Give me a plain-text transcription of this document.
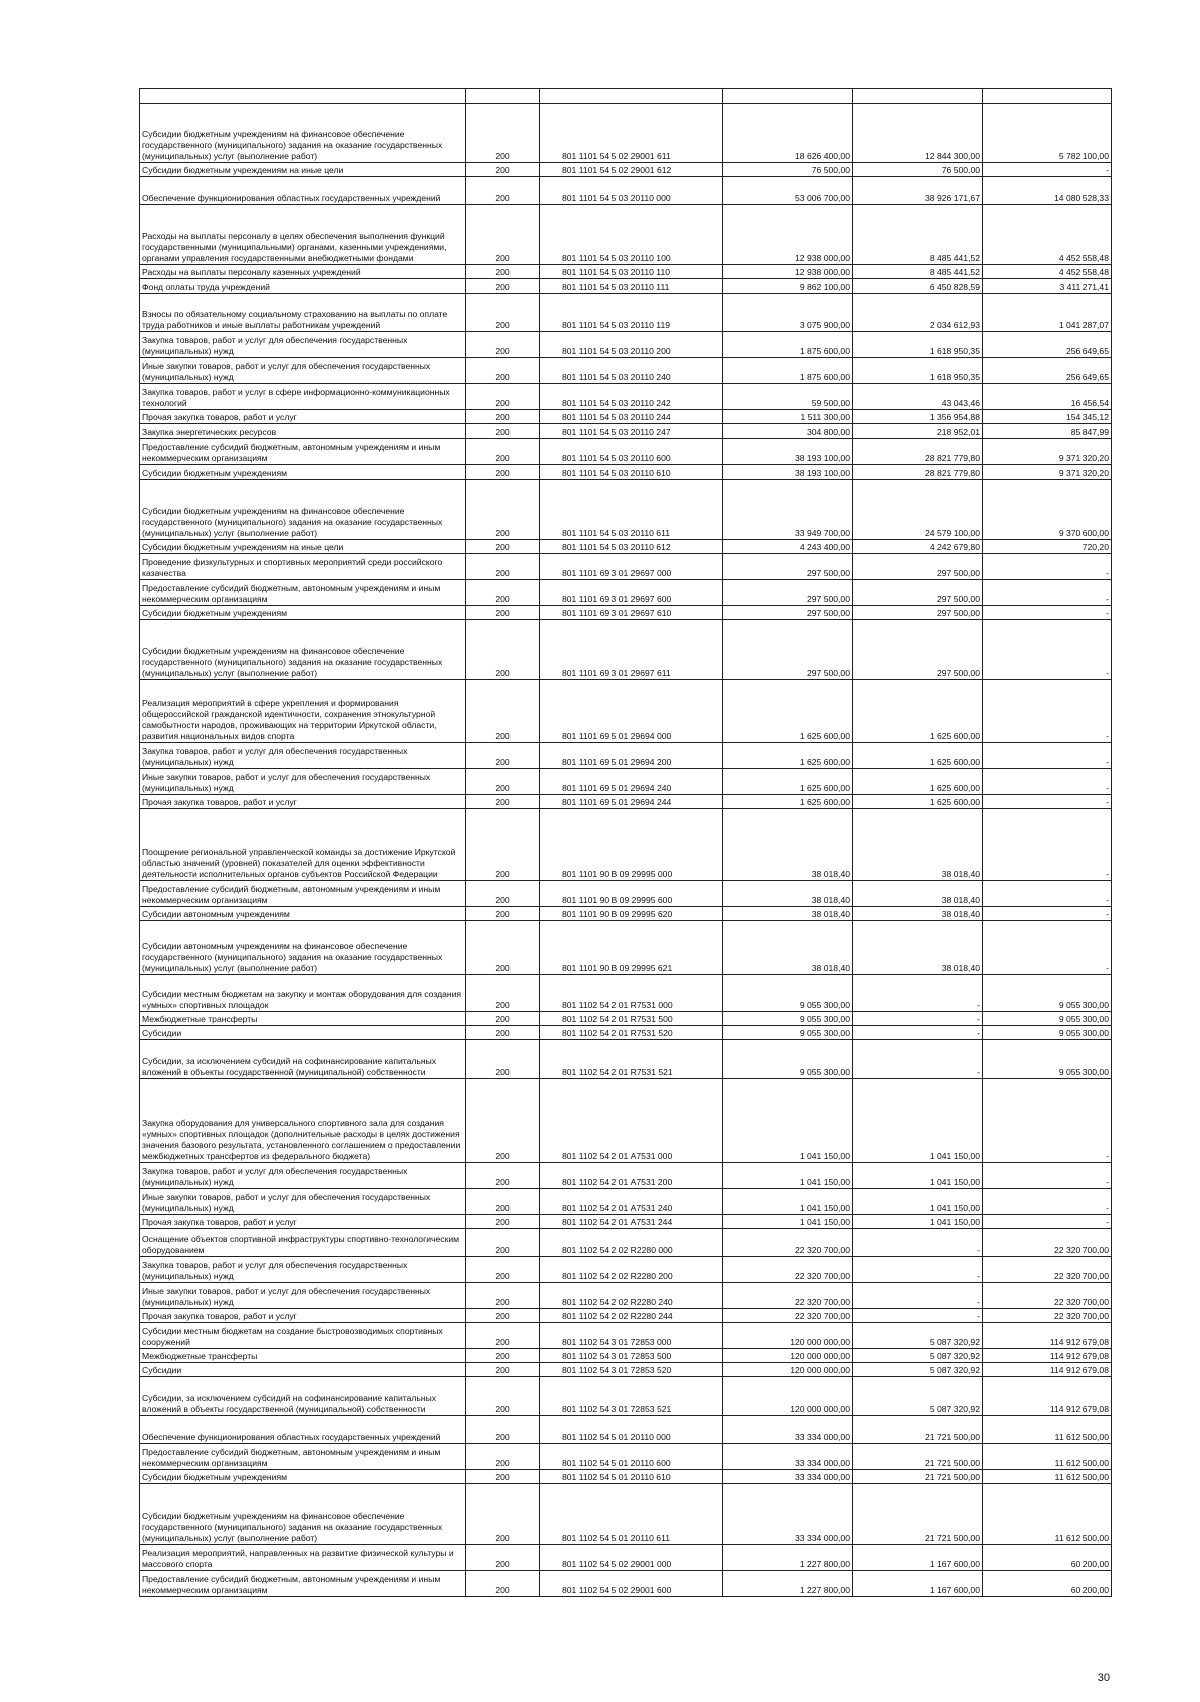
Субсидии бюджетным учреждениям на финансовое обеспечение государственного (муниципального) задания на оказание государственных (муниципальных) услуг (выполнение работ)	200	801 1101 54 5 02 29001 611	18 626 400,00	12 844 300,00	5 782 100,00
Субсидии бюджетным учреждениям на иные цели	200	801 1101 54 5 02 29001 612	76 500,00	76 500,00	-
Обеспечение функционирования областных государственных учреждений	200	801 1101 54 5 03 20110 000	53 006 700,00	38 926 171,67	14 080 528,33
Расходы на выплаты персоналу в целях обеспечения выполнения функций государственными (муниципальными) органами, казенными учреждениями, органами управления государственными внебюджетными фондами	200	801 1101 54 5 03 20110 100	12 938 000,00	8 485 441,52	4 452 558,48
Расходы на выплаты персоналу казенных учреждений	200	801 1101 54 5 03 20110 110	12 938 000,00	8 485 441,52	4 452 558,48
Фонд оплаты труда учреждений	200	801 1101 54 5 03 20110 111	9 862 100,00	6 450 828,59	3 411 271,41
Взносы по обязательному социальному страхованию на выплаты по оплате труда работников и иные выплаты работникам учреждений	200	801 1101 54 5 03 20110 119	3 075 900,00	2 034 612,93	1 041 287,07
Закупка товаров, работ и услуг для обеспечения государственных (муниципальных) нужд	200	801 1101 54 5 03 20110 200	1 875 600,00	1 618 950,35	256 649,65
Иные закупки товаров, работ и услуг для обеспечения государственных (муниципальных) нужд	200	801 1101 54 5 03 20110 240	1 875 600,00	1 618 950,35	256 649,65
Закупка товаров, работ и услуг в сфере информационно-коммуникационных технологий	200	801 1101 54 5 03 20110 242	59 500,00	43 043,46	16 456,54
Прочая закупка товаров, работ и услуг	200	801 1101 54 5 03 20110 244	1 511 300,00	1 356 954,88	154 345,12
Закупка энергетических ресурсов	200	801 1101 54 5 03 20110 247	304 800,00	218 952,01	85 847,99
Предоставление субсидий бюджетным, автономным учреждениям и иным некоммерческим организациям	200	801 1101 54 5 03 20110 600	38 193 100,00	28 821 779,80	9 371 320,20
Субсидии бюджетным учреждениям	200	801 1101 54 5 03 20110 610	38 193 100,00	28 821 779,80	9 371 320,20
Субсидии бюджетным учреждениям на финансовое обеспечение государственного (муниципального) задания на оказание государственных (муниципальных) услуг (выполнение работ)	200	801 1101 54 5 03 20110 611	33 949 700,00	24 579 100,00	9 370 600,00
Субсидии бюджетным учреждениям на иные цели	200	801 1101 54 5 03 20110 612	4 243 400,00	4 242 679,80	720,20
Проведение физкультурных и спортивных мероприятий среди российского казачества	200	801 1101 69 3 01 29697 000	297 500,00	297 500,00	-
Предоставление субсидий бюджетным, автономным учреждениям и иным некоммерческим организациям	200	801 1101 69 3 01 29697 600	297 500,00	297 500,00	-
Субсидии бюджетным учреждениям	200	801 1101 69 3 01 29697 610	297 500,00	297 500,00	-
Субсидии бюджетным учреждениям на финансовое обеспечение государственного (муниципального) задания на оказание государственных (муниципальных) услуг (выполнение работ)	200	801 1101 69 3 01 29697 611	297 500,00	297 500,00	-
Реализация мероприятий в сфере укрепления и формирования общероссийской гражданской идентичности, сохранения этнокультурной самобытности народов, проживающих на территории Иркутской области, развития национальных видов спорта	200	801 1101 69 5 01 29694 000	1 625 600,00	1 625 600,00	-
Закупка товаров, работ и услуг для обеспечения государственных (муниципальных) нужд	200	801 1101 69 5 01 29694 200	1 625 600,00	1 625 600,00	-
Иные закупки товаров, работ и услуг для обеспечения государственных (муниципальных) нужд	200	801 1101 69 5 01 29694 240	1 625 600,00	1 625 600,00	-
Прочая закупка товаров, работ и услуг	200	801 1101 69 5 01 29694 244	1 625 600,00	1 625 600,00	-
Поощрение региональной управленческой команды за достижение Иркутской областью значений (уровней) показателей для оценки эффективности деятельности исполнительных органов субъектов Российской Федерации	200	801 1101 90 В 09 29995 000	38 018,40	38 018,40	-
Предоставление субсидий бюджетным, автономным учреждениям и иным некоммерческим организациям	200	801 1101 90 В 09 29995 600	38 018,40	38 018,40	-
Субсидии автономным учреждениям	200	801 1101 90 В 09 29995 620	38 018,40	38 018,40	-
Субсидии автономным учреждениям на финансовое обеспечение государственного (муниципального) задания на оказание государственных (муниципальных) услуг (выполнение работ)	200	801 1101 90 В 09 29995 621	38 018,40	38 018,40	-
Субсидии местным бюджетам на закупку и монтаж оборудования для создания «умных» спортивных площадок	200	801 1102 54 2 01 R7531 000	9 055 300,00	-	9 055 300,00
Межбюджетные трансферты	200	801 1102 54 2 01 R7531 500	9 055 300,00	-	9 055 300,00
Субсидии	200	801 1102 54 2 01 R7531 520	9 055 300,00	-	9 055 300,00
Субсидии, за исключением субсидий на софинансирование капитальных вложений в объекты государственной (муниципальной) собственности	200	801 1102 54 2 01 R7531 521	9 055 300,00	-	9 055 300,00
Закупка оборудования для универсального спортивного зала для создания «умных» спортивных площадок (дополнительные расходы в целях достижения значения базового результата, установленного соглашением о предоставлении межбюджетных трансфертов из федерального бюджета)	200	801 1102 54 2 01 А7531 000	1 041 150,00	1 041 150,00	-
Закупка товаров, работ и услуг для обеспечения государственных (муниципальных) нужд	200	801 1102 54 2 01 А7531 200	1 041 150,00	1 041 150,00	-
Иные закупки товаров, работ и услуг для обеспечения государственных (муниципальных) нужд	200	801 1102 54 2 01 А7531 240	1 041 150,00	1 041 150,00	-
Прочая закупка товаров, работ и услуг	200	801 1102 54 2 01 А7531 244	1 041 150,00	1 041 150,00	-
Оснащение объектов спортивной инфраструктуры спортивно-технологическим оборудованием	200	801 1102 54 2 02 R2280 000	22 320 700,00	-	22 320 700,00
Закупка товаров, работ и услуг для обеспечения государственных (муниципальных) нужд	200	801 1102 54 2 02 R2280 200	22 320 700,00	-	22 320 700,00
Иные закупки товаров, работ и услуг для обеспечения государственных (муниципальных) нужд	200	801 1102 54 2 02 R2280 240	22 320 700,00	-	22 320 700,00
Прочая закупка товаров, работ и услуг	200	801 1102 54 2 02 R2280 244	22 320 700,00	-	22 320 700,00
Субсидии местным бюджетам на создание быстровозводимых спортивных сооружений	200	801 1102 54 3 01 72853 000	120 000 000,00	5 087 320,92	114 912 679,08
Межбюджетные трансферты	200	801 1102 54 3 01 72853 500	120 000 000,00	5 087 320,92	114 912 679,08
Субсидии	200	801 1102 54 3 01 72853 520	120 000 000,00	5 087 320,92	114 912 679,08
Субсидии, за исключением субсидий на софинансирование капитальных вложений в объекты государственной (муниципальной) собственности	200	801 1102 54 3 01 72853 521	120 000 000,00	5 087 320,92	114 912 679,08
Обеспечение функционирования областных государственных учреждений	200	801 1102 54 5 01 20110 000	33 334 000,00	21 721 500,00	11 612 500,00
Предоставление субсидий бюджетным, автономным учреждениям и иным некоммерческим организациям	200	801 1102 54 5 01 20110 600	33 334 000,00	21 721 500,00	11 612 500,00
Субсидии бюджетным учреждениям	200	801 1102 54 5 01 20110 610	33 334 000,00	21 721 500,00	11 612 500,00
Субсидии бюджетным учреждениям на финансовое обеспечение государственного (муниципального) задания на оказание государственных (муниципальных) услуг (выполнение работ)	200	801 1102 54 5 01 20110 611	33 334 000,00	21 721 500,00	11 612 500,00
Реализация мероприятий, направленных на развитие физической культуры и массового спорта	200	801 1102 54 5 02 29001 000	1 227 800,00	1 167 600,00	60 200,00
Предоставление субсидий бюджетным, автономным учреждениям и иным некоммерческим организациям	200	801 1102 54 5 02 29001 600	1 227 800,00	1 167 600,00	60 200,00
30
